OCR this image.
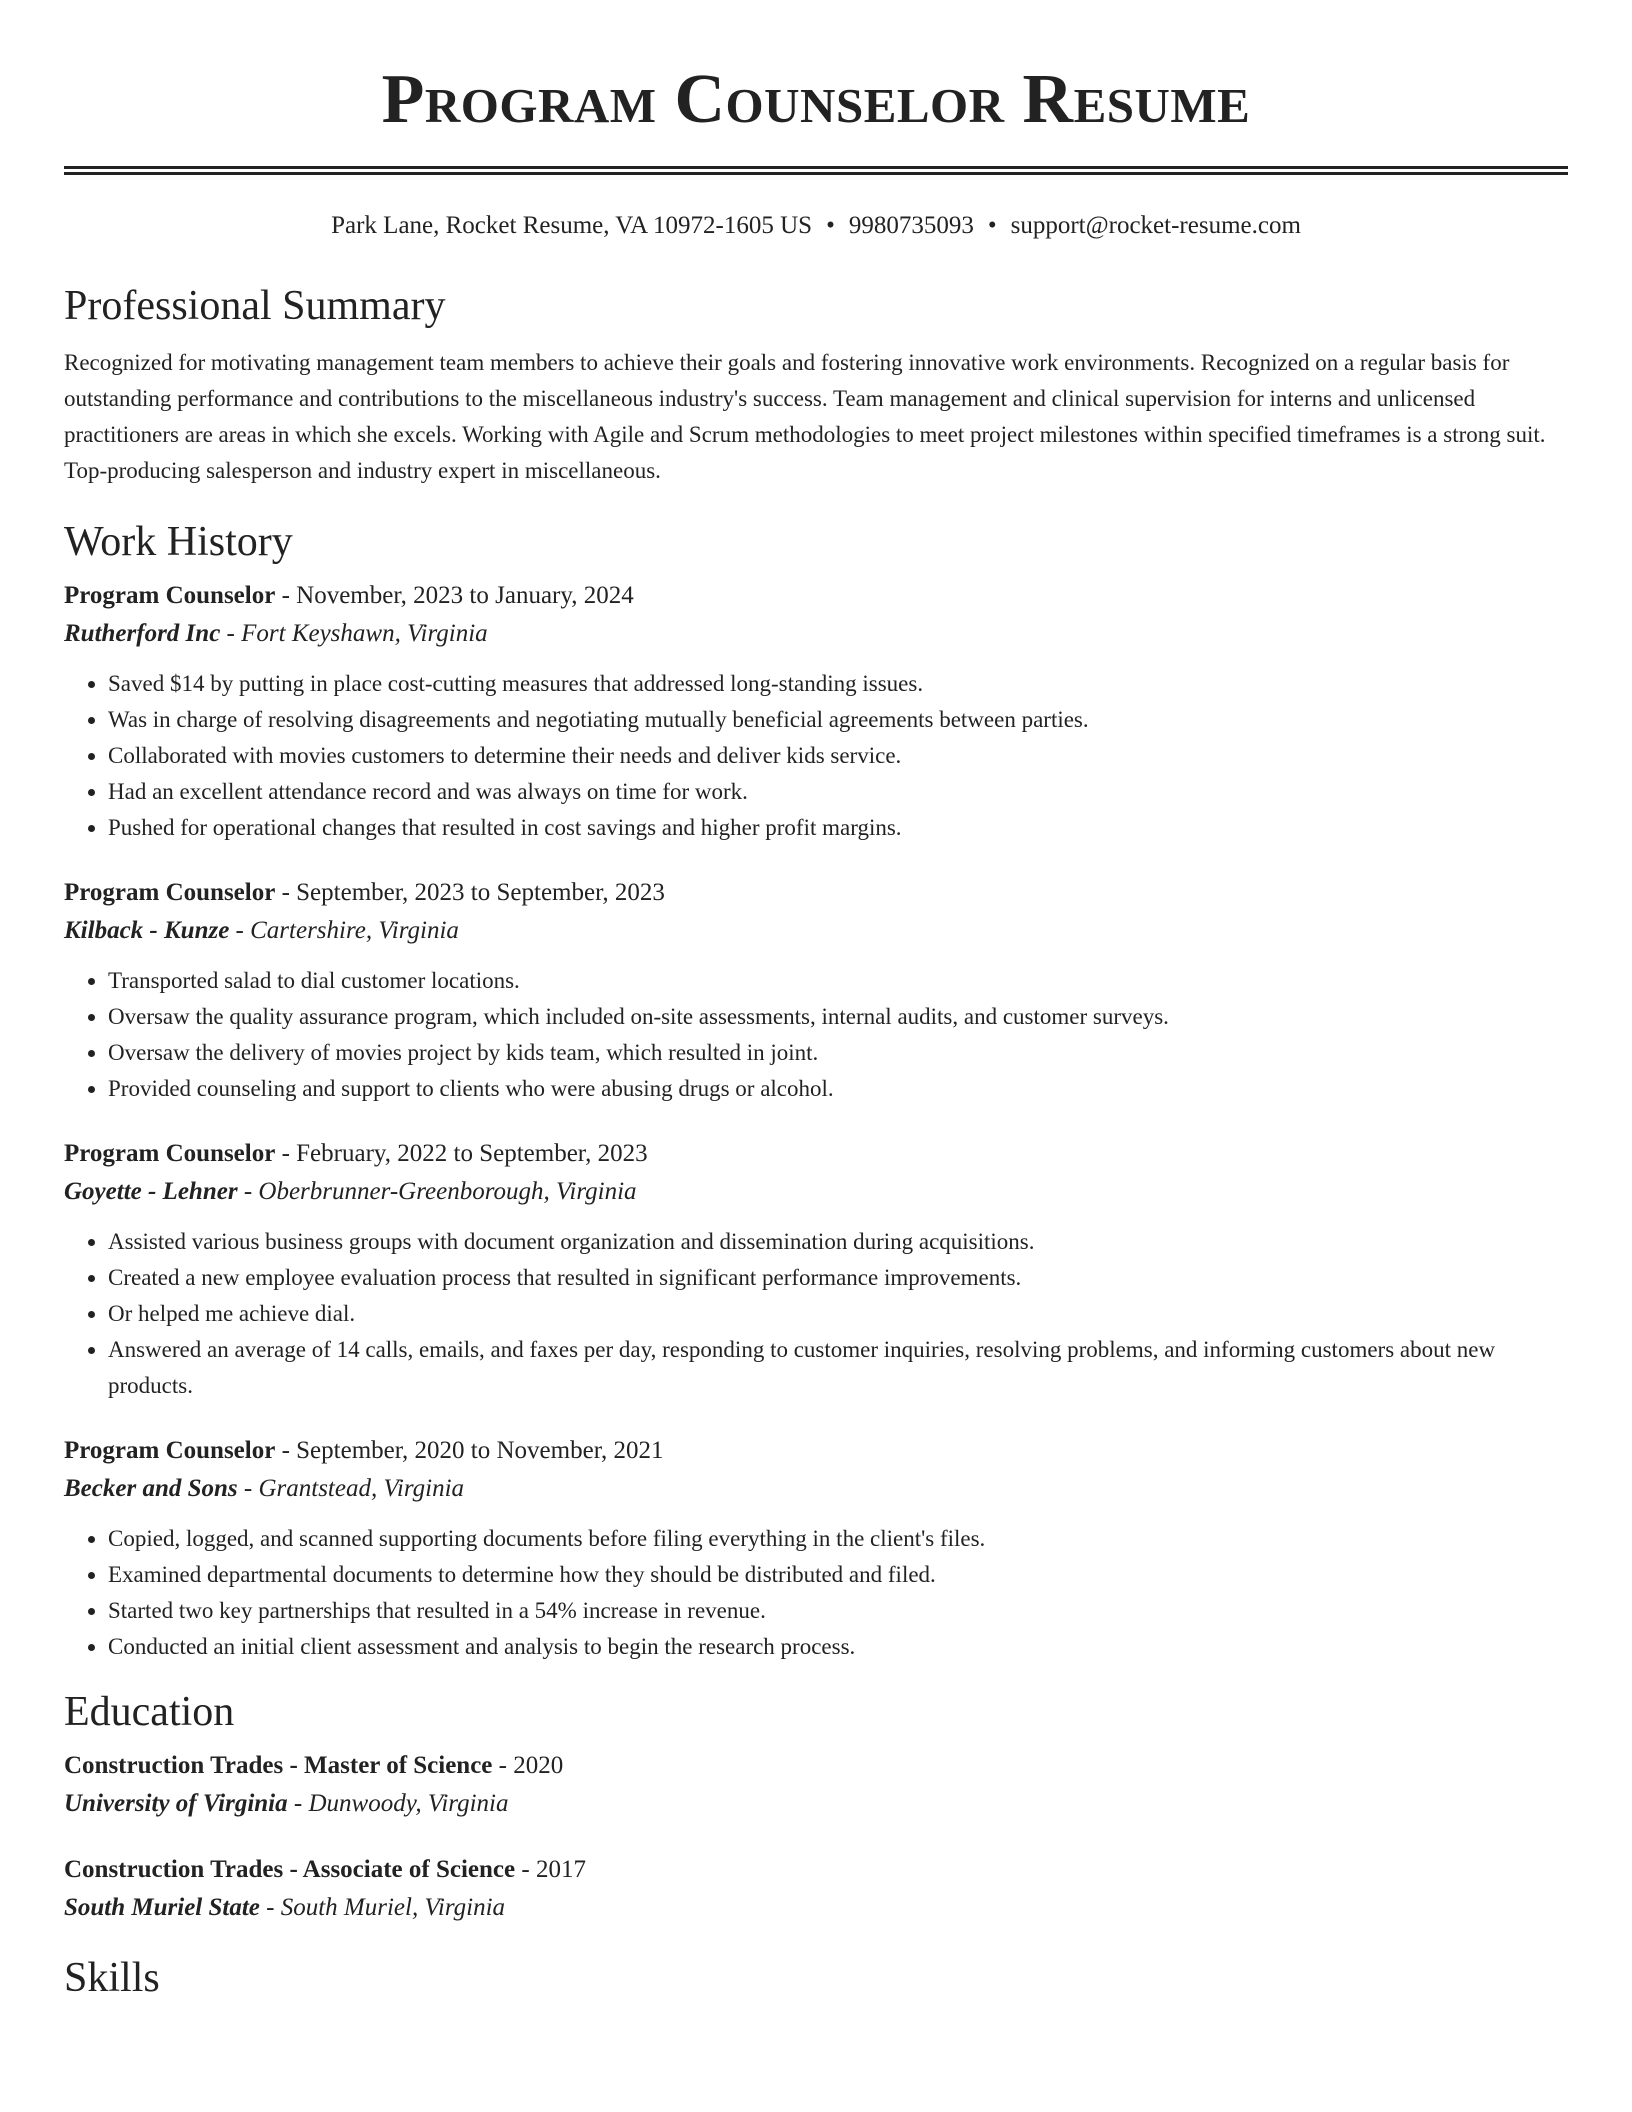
Program Counselor Resume
Park Lane, Rocket Resume, VA 10972-1605 US • 9980735093 • support@rocket-resume.com
Professional Summary
Recognized for motivating management team members to achieve their goals and fostering innovative work environments. Recognized on a regular basis for outstanding performance and contributions to the miscellaneous industry's success. Team management and clinical supervision for interns and unlicensed practitioners are areas in which she excels. Working with Agile and Scrum methodologies to meet project milestones within specified timeframes is a strong suit. Top-producing salesperson and industry expert in miscellaneous.
Work History
Program Counselor - November, 2023 to January, 2024
Rutherford Inc - Fort Keyshawn, Virginia
• Saved $14 by putting in place cost-cutting measures that addressed long-standing issues.
• Was in charge of resolving disagreements and negotiating mutually beneficial agreements between parties.
• Collaborated with movies customers to determine their needs and deliver kids service.
• Had an excellent attendance record and was always on time for work.
• Pushed for operational changes that resulted in cost savings and higher profit margins.
Program Counselor - September, 2023 to September, 2023
Kilback - Kunze - Cartershire, Virginia
• Transported salad to dial customer locations.
• Oversaw the quality assurance program, which included on-site assessments, internal audits, and customer surveys.
• Oversaw the delivery of movies project by kids team, which resulted in joint.
• Provided counseling and support to clients who were abusing drugs or alcohol.
Program Counselor - February, 2022 to September, 2023
Goyette - Lehner - Oberbrunner-Greenborough, Virginia
• Assisted various business groups with document organization and dissemination during acquisitions.
• Created a new employee evaluation process that resulted in significant performance improvements.
• Or helped me achieve dial.
• Answered an average of 14 calls, emails, and faxes per day, responding to customer inquiries, resolving problems, and informing customers about new products.
Program Counselor - September, 2020 to November, 2021
Becker and Sons - Grantstead, Virginia
• Copied, logged, and scanned supporting documents before filing everything in the client's files.
• Examined departmental documents to determine how they should be distributed and filed.
• Started two key partnerships that resulted in a 54% increase in revenue.
• Conducted an initial client assessment and analysis to begin the research process.
Education
Construction Trades - Master of Science - 2020
University of Virginia - Dunwoody, Virginia
Construction Trades - Associate of Science - 2017
South Muriel State - South Muriel, Virginia
Skills
